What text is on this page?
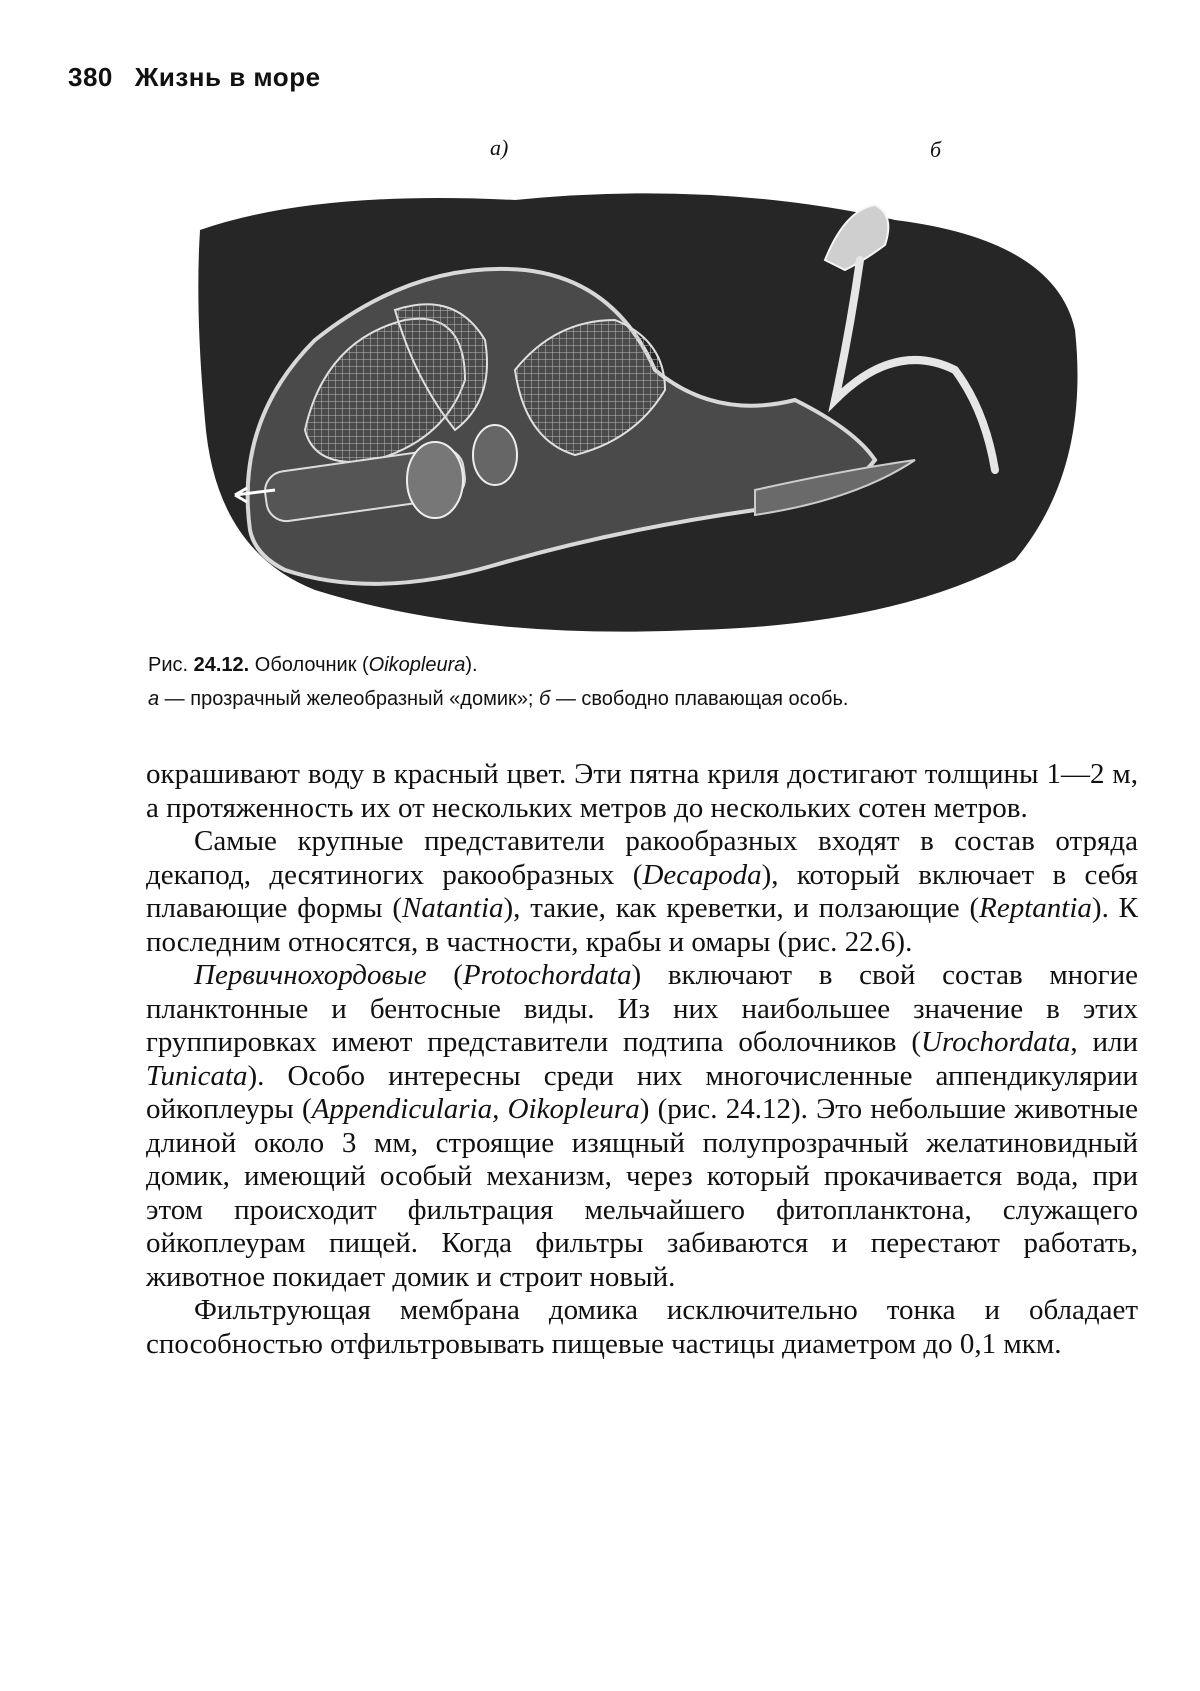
380 Жизнь в море
а)	б
Рис. 24.12. Оболочник (Oikopleura).
а — прозрачный желеобразный «домик»; б — свободно плавающая особь.

окрашивают воду в красный цвет. Эти пятна криля достигают толщины 1—2 м, а протяженность их от нескольких метров до нескольких сотен метров.

Самые крупные представители ракообразных входят в состав отряда декапод, десятиногих ракообразных (Decapoda), который включает в себя плавающие формы (Natantia), такие, как креветки, и ползающие (Reptantia). К последним относятся, в частности, крабы и омары (рис. 22.6).

Первичнохордовые (Protochordata) включают в свой состав многие планктонные и бентосные виды. Из них наибольшее значение в этих группировках имеют представители подтипа оболочников (Urochordata, или Tunicata). Особо интересны среди них многочисленные аппендикулярии ойкоплеуры (Appendicularia, Oikopleura) (рис. 24.12). Это небольшие животные длиной около 3 мм, строящие изящный полупрозрачный желатиновидный домик, имеющий особый механизм, через который прокачивается вода, при этом происходит фильтрация мельчайшего фитопланктона, служащего ойкоплеурам пищей. Когда фильтры забиваются и перестают работать, животное покидает домик и строит новый.

Фильтрующая мембрана домика исключительно тонка и обладает способностью отфильтровывать пищевые частицы диаметром до 0,1 мкм.
